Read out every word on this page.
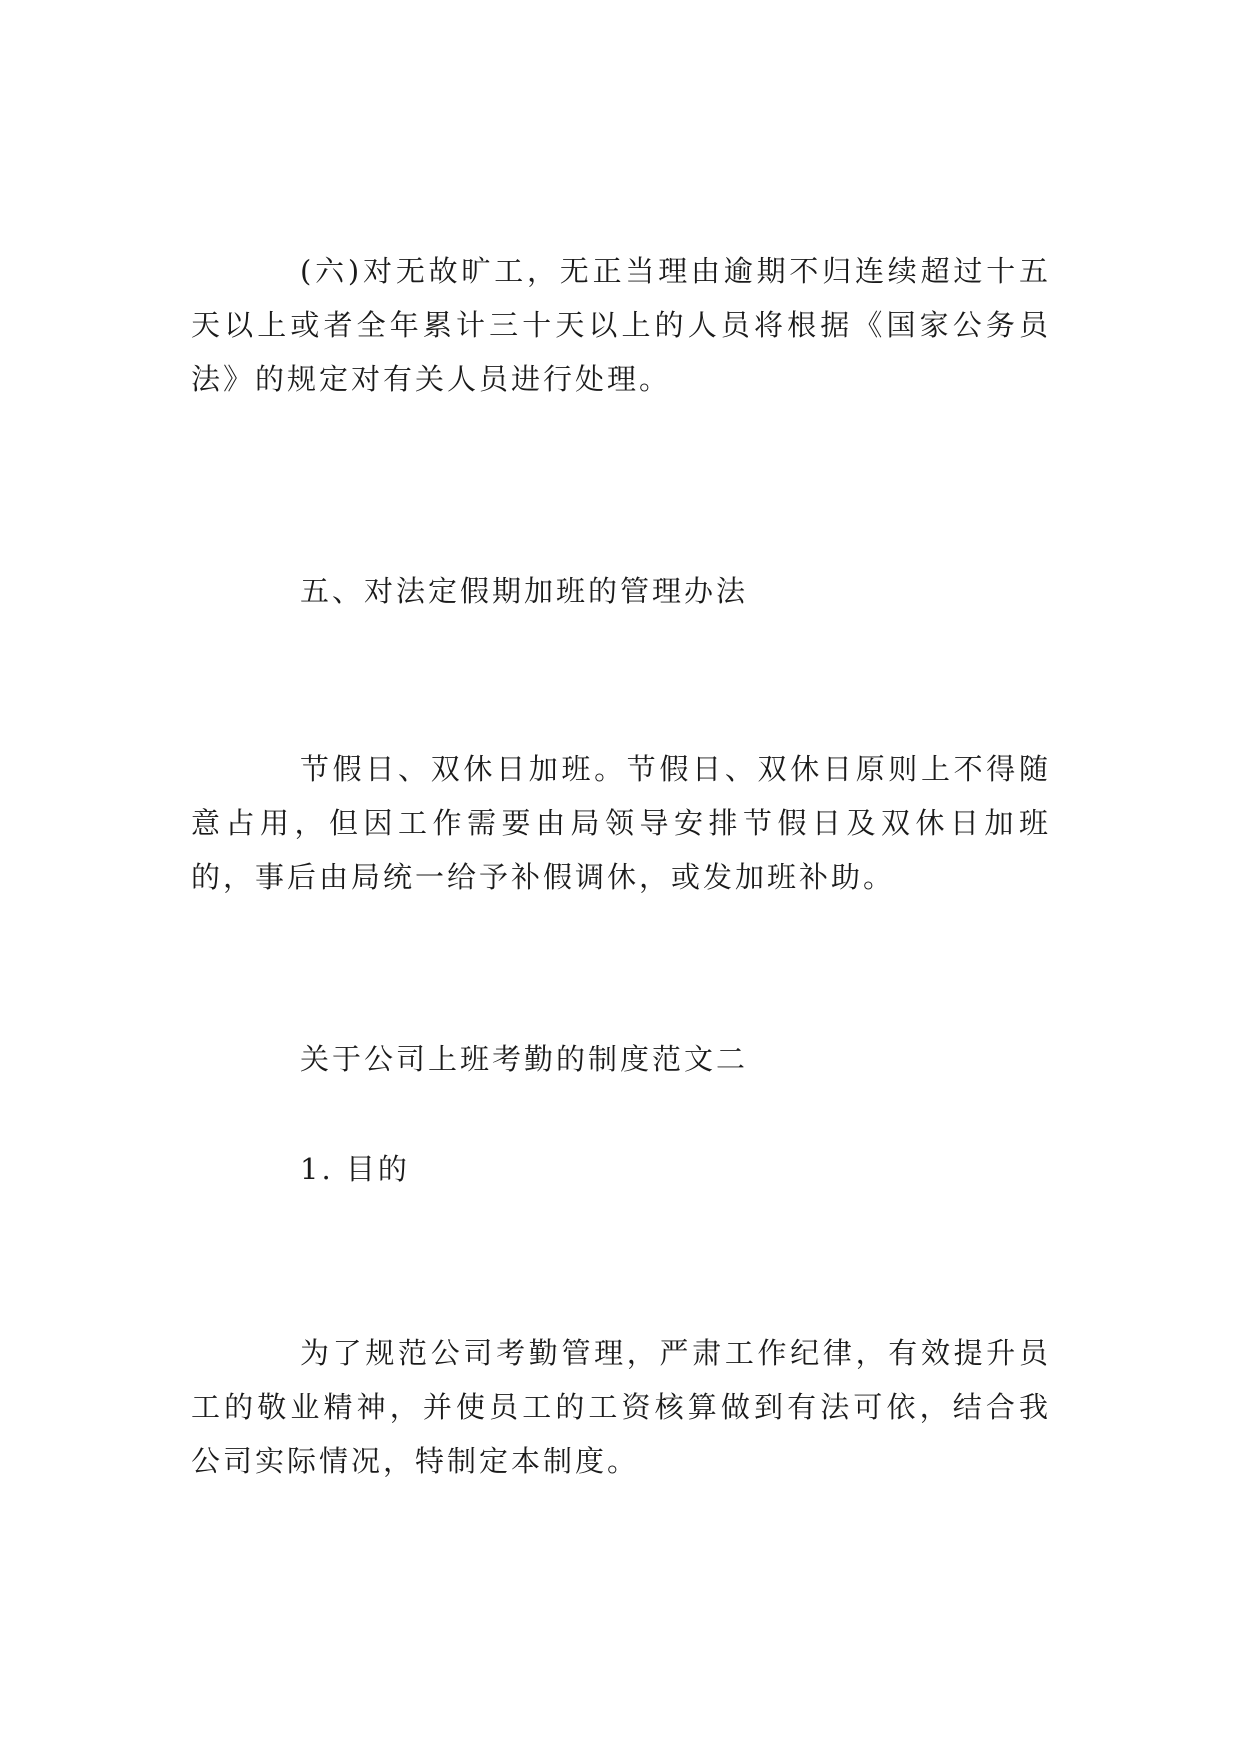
(六)对无故旷工，无正当理由逾期不归连续超过十五天以上或者全年累计三十天以上的人员将根据《国家公务员法》的规定对有关人员进行处理。

五、对法定假期加班的管理办法

节假日、双休日加班。节假日、双休日原则上不得随意占用，但因工作需要由局领导安排节假日及双休日加班的，事后由局统一给予补假调休，或发加班补助。

关于公司上班考勤的制度范文二

1. 目的

为了规范公司考勤管理，严肃工作纪律，有效提升员工的敬业精神，并使员工的工资核算做到有法可依，结合我公司实际情况，特制定本制度。
